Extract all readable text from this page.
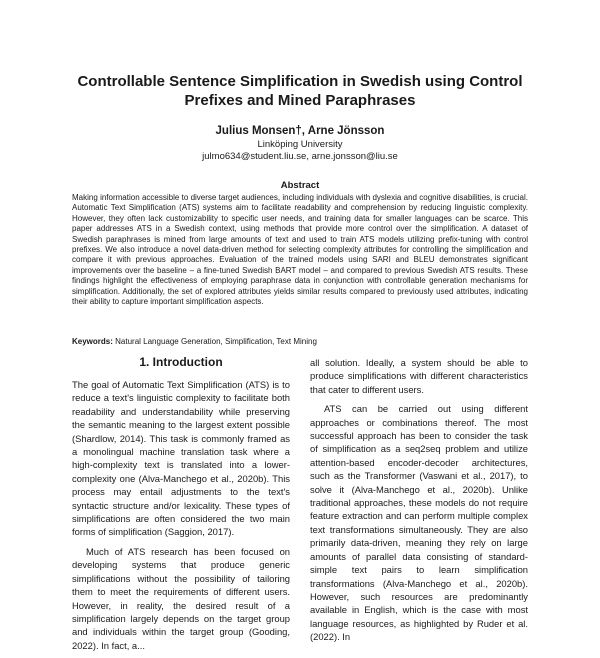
Controllable Sentence Simplification in Swedish using Control Prefixes and Mined Paraphrases
Julius Monsen†, Arne Jönsson
Linköping University
julmo634@student.liu.se, arne.jonsson@liu.se
Abstract
Making information accessible to diverse target audiences, including individuals with dyslexia and cognitive disabilities, is crucial. Automatic Text Simplification (ATS) systems aim to facilitate readability and comprehension by reducing linguistic complexity. However, they often lack customizability to specific user needs, and training data for smaller languages can be scarce. This paper addresses ATS in a Swedish context, using methods that provide more control over the simplification. A dataset of Swedish paraphrases is mined from large amounts of text and used to train ATS models utilizing prefix-tuning with control prefixes. We also introduce a novel data-driven method for selecting complexity attributes for controlling the simplification and compare it with previous approaches. Evaluation of the trained models using SARI and BLEU demonstrates significant improvements over the baseline – a fine-tuned Swedish BART model – and compared to previous Swedish ATS results. These findings highlight the effectiveness of employing paraphrase data in conjunction with controllable generation mechanisms for simplification. Additionally, the set of explored attributes yields similar results compared to previously used attributes, indicating their ability to capture important simplification aspects.
Keywords: Natural Language Generation, Simplification, Text Mining
1. Introduction

The goal of Automatic Text Simplification (ATS) is to reduce a text's linguistic complexity to facilitate both readability and understandability while preserving the semantic meaning to the largest extent possible (Shardlow, 2014). This task is commonly framed as a monolingual machine translation task where a high-complexity text is translated into a lower-complexity one (Alva-Manchego et al., 2020b). This process may entail adjustments to the text's syntactic structure and/or lexicality. These types of simplifications are often considered the two main forms of simplification (Saggion, 2017).

Much of ATS research has been focused on developing systems that produce generic simplifications without the possibility of tailoring them to meet the requirements of different users. However, in reality, the desired result of a simplification largely depends on the target group and individuals within the target group (Gooding, 2022). In fact, a...

all solution. Ideally, a system should be able to produce simplifications with different characteristics that cater to different users.

ATS can be carried out using different approaches or combinations thereof. The most successful approach has been to consider the task of simplification as a seq2seq problem and utilize attention-based encoder-decoder architectures, such as the Transformer (Vaswani et al., 2017), to solve it (Alva-Manchego et al., 2020b). Unlike traditional approaches, these models do not require feature extraction and can perform multiple complex text transformations simultaneously. They are also primarily data-driven, meaning they rely on large amounts of parallel data consisting of standard-simple text pairs to learn simplification transformations (Alva-Manchego et al., 2020b). However, such resources are predominantly available in English, which is the case with most language resources, as highlighted by Ruder et al. (2022). In
